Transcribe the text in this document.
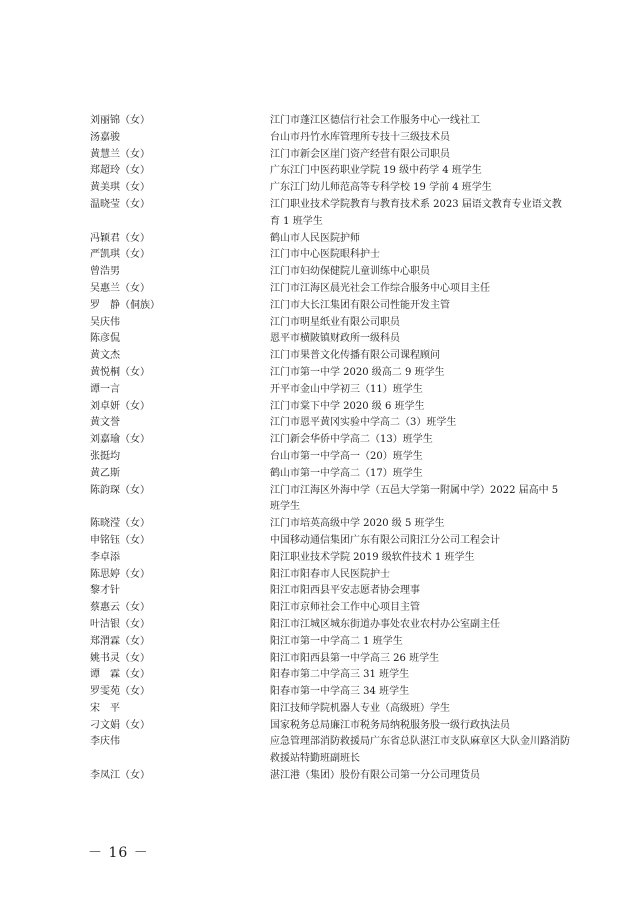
刘丽锦（女）	江门市蓬江区德信行社会工作服务中心一线社工
汤嘉骏	台山市丹竹水库管理所专技十三级技术员
黄慧兰（女）	江门市新会区崖门资产经营有限公司职员
郑超玲（女）	广东江门中医药职业学院 19 级中药学 4 班学生
黄美琪（女）	广东江门幼儿师范高等专科学校 19 学前 4 班学生
温晓莹（女）	江门职业技术学院教育与教育技术系 2023 届语文教育专业语文教育 1 班学生
冯颖君（女）	鹤山市人民医院护师
严凯琪（女）	江门市中心医院眼科护士
曾浩男	江门市妇幼保健院儿童训练中心职员
吴惠兰（女）	江门市江海区晨光社会工作综合服务中心项目主任
罗　静（侗族）	江门市大长江集团有限公司性能开发主管
吴庆伟	江门市明星纸业有限公司职员
陈彦侃	恩平市横陂镇财政所一级科员
黄文杰	江门市果普文化传播有限公司课程顾问
黄悦桐（女）	江门市第一中学 2020 级高二 9 班学生
谭一言	开平市金山中学初三（11）班学生
刘卓妍（女）	江门市棠下中学 2020 级 6 班学生
黄文誉	江门市恩平黄冈实验中学高二（3）班学生
刘嘉瑜（女）	江门新会华侨中学高二（13）班学生
张挺均	台山市第一中学高一（20）班学生
黄乙斯	鹤山市第一中学高二（17）班学生
陈韵琛（女）	江门市江海区外海中学（五邑大学第一附属中学）2022 届高中 5 班学生
陈晓滢（女）	江门市培英高级中学 2020 级 5 班学生
申铭钰（女）	中国移动通信集团广东有限公司阳江分公司工程会计
李卓添	阳江职业技术学院 2019 级软件技术 1 班学生
陈思婷（女）	阳江市阳春市人民医院护士
黎才针	阳江市阳西县平安志愿者协会理事
蔡惠云（女）	阳江市京师社会工作中心项目主管
叶洁银（女）	阳江市江城区城东街道办事处农业农村办公室副主任
郑渭霖（女）	阳江市第一中学高二 1 班学生
姚书灵（女）	阳江市阳西县第一中学高三 26 班学生
谭　霖（女）	阳春市第二中学高三 31 班学生
罗雯苑（女）	阳春市第一中学高三 34 班学生
宋　平	阳江技师学院机器人专业（高级班）学生
刁文娟（女）	国家税务总局廉江市税务局纳税服务股一级行政执法员
李庆伟	应急管理部消防救援局广东省总队湛江市支队麻章区大队金川路消防救援站特勤班副班长
李凤江（女）	湛江港（集团）股份有限公司第一分公司理货员
－ 16 －
